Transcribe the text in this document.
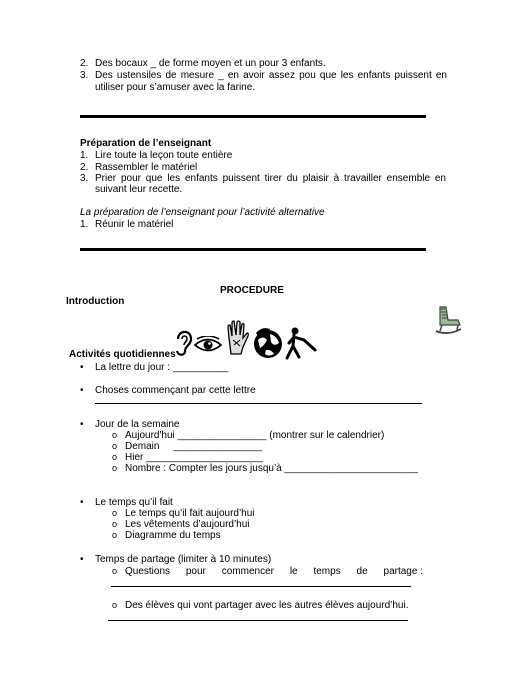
2. Des bocaux _ de forme moyen et un pour 3 enfants.
3. Des ustensiles de mesure _ en avoir assez pou que les enfants puissent en
utiliser pour s’amuser avec la farine.
Préparation de l’enseignant
1. Lire toute la leçon toute entière
2. Rassembler le matériel
3. Prier pour que les enfants puissent tirer du plaisir à travailler ensemble en
suivant leur recette.
La préparation de l’enseignant pour l’activité alternative
1. Réunir le matériel
PROCEDURE
Introduction
Activités quotidiennes
• La lettre du jour : __________
• Choses commençant par cette lettre
• Jour de la semaine
o Aujourd'hui ________________ (montrer sur le calendrier)
o Demain     ________________
o Hier _____________________
o Nombre : Compter les jours jusqu’à ________________________
• Le temps qu’il fait
o Le temps qu’il fait aujourd’hui
o Les vêtements d’aujourd’hui
o Diagramme du temps
• Temps de partage (limiter à 10 minutes)
o Questions pour commencer le temps de partage :
o Des élèves qui vont partager avec les autres élèves aujourd’hui.
